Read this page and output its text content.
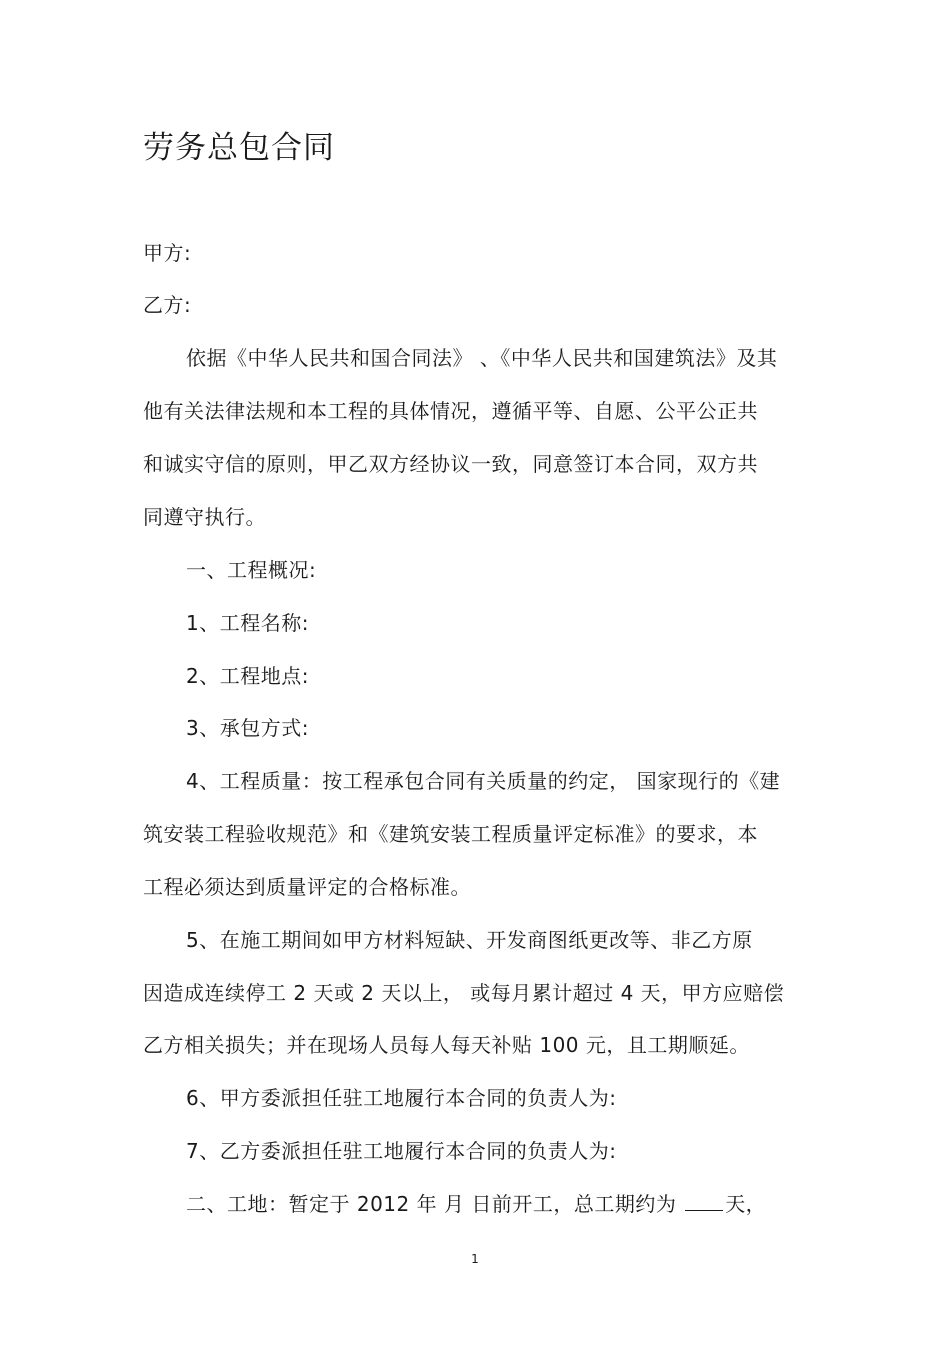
劳务总包合同
甲方:
乙方:
依据《中华人民共和国合同法》 、《中华人民共和国建筑法》及其
他有关法律法规和本工程的具体情况，遵循平等、自愿、公平公正共
和诚实守信的原则，甲乙双方经协议一致，同意签订本合同，双方共
同遵守执行。
一、工程概况:
1、工程名称:
2、工程地点:
3、承包方式:
4、工程质量：按工程承包合同有关质量的约定， 国家现行的《建
筑安装工程验收规范》和《建筑安装工程质量评定标准》的要求，本
工程必须达到质量评定的合格标准。
5、在施工期间如甲方材料短缺、开发商图纸更改等、非乙方原
因造成连续停工 2 天或 2 天以上， 或每月累计超过 4 天，甲方应赔偿
乙方相关损失；并在现场人员每人每天补贴 100 元，且工期顺延。
6、甲方委派担任驻工地履行本合同的负责人为:
7、乙方委派担任驻工地履行本合同的负责人为:
二、工地：暂定于 2012 年 月 日前开工，总工期约为 天，
1
